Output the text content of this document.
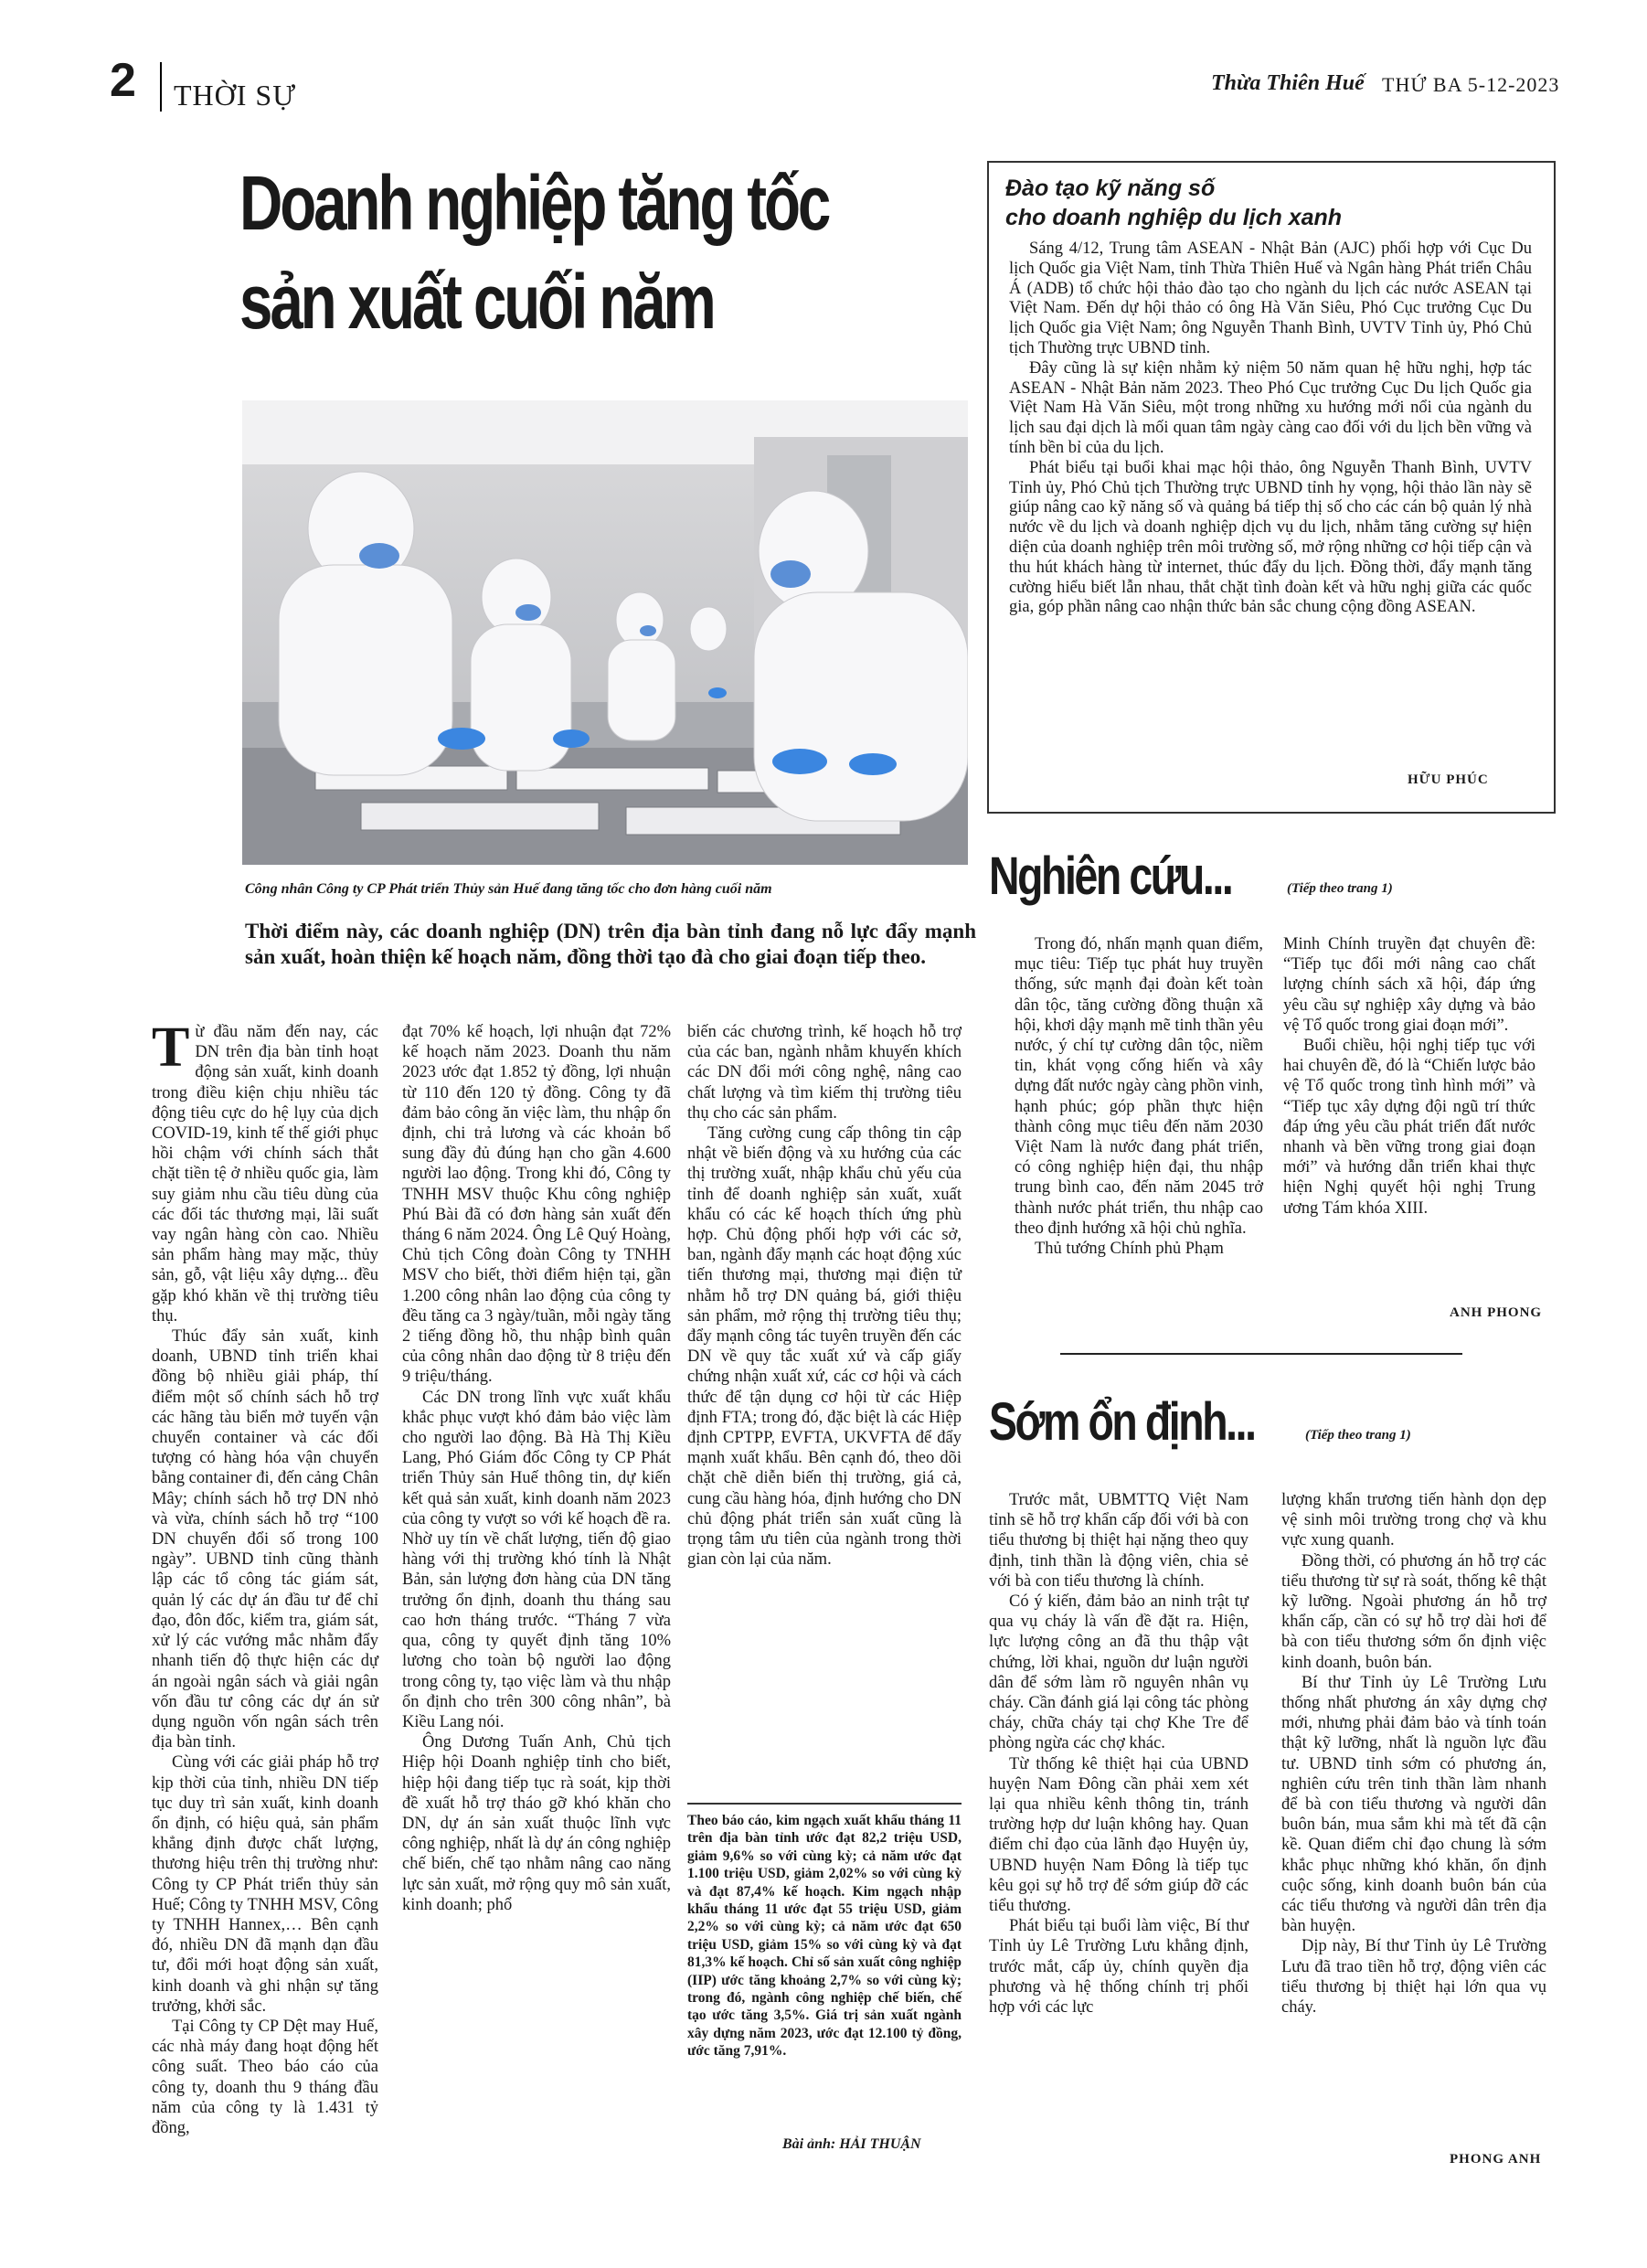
2 THỜI SỰ	Thừa Thiên Huế THỨ BA 5-12-2023
Doanh nghiệp tăng tốc
sản xuất cuối năm
Công nhân Công ty CP Phát triển Thủy sản Huế đang tăng tốc cho đơn hàng cuối năm
Thời điểm này, các doanh nghiệp (DN) trên địa bàn tỉnh đang nỗ lực đẩy mạnh sản xuất, hoàn thiện kế hoạch năm, đồng thời tạo đà cho giai đoạn tiếp theo.

Từ đầu năm đến nay, các DN trên địa bàn tỉnh hoạt động sản xuất, kinh doanh trong điều kiện chịu nhiều tác động tiêu cực do hệ lụy của dịch COVID-19, kinh tế thế giới phục hồi chậm với chính sách thắt chặt tiền tệ ở nhiều quốc gia, làm suy giảm nhu cầu tiêu dùng của các đối tác thương mại, lãi suất vay ngân hàng còn cao. Nhiều sản phẩm hàng may mặc, thủy sản, gỗ, vật liệu xây dựng... đều gặp khó khăn về thị trường tiêu thụ.

Thúc đẩy sản xuất, kinh doanh, UBND tỉnh triển khai đồng bộ nhiều giải pháp, thí điểm một số chính sách hỗ trợ các hãng tàu biển mở tuyến vận chuyển container và các đối tượng có hàng hóa vận chuyển bằng container đi, đến cảng Chân Mây; chính sách hỗ trợ DN nhỏ và vừa, chính sách hỗ trợ “100 DN chuyển đổi số trong 100 ngày”. UBND tỉnh cũng thành lập các tổ công tác giám sát, quản lý các dự án đầu tư để chỉ đạo, đôn đốc, kiểm tra, giám sát, xử lý các vướng mắc nhằm đẩy nhanh tiến độ thực hiện các dự án ngoài ngân sách và giải ngân vốn đầu tư công các dự án sử dụng nguồn vốn ngân sách trên địa bàn tỉnh.

Cùng với các giải pháp hỗ trợ kịp thời của tỉnh, nhiều DN tiếp tục duy trì sản xuất, kinh doanh ổn định, có hiệu quả, sản phẩm khẳng định được chất lượng, thương hiệu trên thị trường như: Công ty CP Phát triển thủy sản Huế; Công ty TNHH MSV, Công ty TNHH Hannex,… Bên cạnh đó, nhiều DN đã mạnh dạn đầu tư, đổi mới hoạt động sản xuất, kinh doanh và ghi nhận sự tăng trưởng, khởi sắc.

Tại Công ty CP Dệt may Huế, các nhà máy đang hoạt động hết công suất. Theo báo cáo của công ty, doanh thu 9 tháng đầu năm của công ty là 1.431 tỷ đồng,

đạt 70% kế hoạch, lợi nhuận đạt 72% kế hoạch năm 2023. Doanh thu năm 2023 ước đạt 1.852 tỷ đồng, lợi nhuận từ 110 đến 120 tỷ đồng. Công ty đã đảm bảo công ăn việc làm, thu nhập ổn định, chi trả lương và các khoản bổ sung đầy đủ đúng hạn cho gần 4.600 người lao động. Trong khi đó, Công ty TNHH MSV thuộc Khu công nghiệp Phú Bài đã có đơn hàng sản xuất đến tháng 6 năm 2024. Ông Lê Quý Hoàng, Chủ tịch Công đoàn Công ty TNHH MSV cho biết, thời điểm hiện tại, gần 1.200 công nhân lao động của công ty đều tăng ca 3 ngày/tuần, mỗi ngày tăng 2 tiếng đồng hồ, thu nhập bình quân của công nhân dao động từ 8 triệu đến 9 triệu/tháng.

Các DN trong lĩnh vực xuất khẩu khắc phục vượt khó đảm bảo việc làm cho người lao động. Bà Hà Thị Kiều Lang, Phó Giám đốc Công ty CP Phát triển Thủy sản Huế thông tin, dự kiến kết quả sản xuất, kinh doanh năm 2023 của công ty vượt so với kế hoạch đề ra. Nhờ uy tín về chất lượng, tiến độ giao hàng với thị trường khó tính là Nhật Bản, sản lượng đơn hàng của DN tăng trưởng ổn định, doanh thu tháng sau cao hơn tháng trước. “Tháng 7 vừa qua, công ty quyết định tăng 10% lương cho toàn bộ người lao động trong công ty, tạo việc làm và thu nhập ổn định cho trên 300 công nhân”, bà Kiều Lang nói.

Ông Dương Tuấn Anh, Chủ tịch Hiệp hội Doanh nghiệp tỉnh cho biết, hiệp hội đang tiếp tục rà soát, kịp thời đề xuất hỗ trợ tháo gỡ khó khăn cho DN, dự án sản xuất thuộc lĩnh vực công nghiệp, nhất là dự án công nghiệp chế biến, chế tạo nhằm nâng cao năng lực sản xuất, mở rộng quy mô sản xuất, kinh doanh; phổ

biến các chương trình, kế hoạch hỗ trợ của các ban, ngành nhằm khuyến khích các DN đổi mới công nghệ, nâng cao chất lượng và tìm kiếm thị trường tiêu thụ cho các sản phẩm.

Tăng cường cung cấp thông tin cập nhật về biến động và xu hướng của các thị trường xuất, nhập khẩu chủ yếu của tỉnh để doanh nghiệp sản xuất, xuất khẩu có các kế hoạch thích ứng phù hợp. Chủ động phối hợp với các sở, ban, ngành đẩy mạnh các hoạt động xúc tiến thương mại, thương mại điện tử nhằm hỗ trợ DN quảng bá, giới thiệu sản phẩm, mở rộng thị trường tiêu thụ; đẩy mạnh công tác tuyên truyền đến các DN về quy tắc xuất xứ và cấp giấy chứng nhận xuất xứ, các cơ hội và cách thức để tận dụng cơ hội từ các Hiệp định FTA; trong đó, đặc biệt là các Hiệp định CPTPP, EVFTA, UKVFTA để đẩy mạnh xuất khẩu. Bên cạnh đó, theo dõi chặt chẽ diễn biến thị trường, giá cả, cung cầu hàng hóa, định hướng cho DN chủ động phát triển sản xuất cũng là trọng tâm ưu tiên của ngành trong thời gian còn lại của năm.

Theo báo cáo, kim ngạch xuất khẩu tháng 11 trên địa bàn tỉnh ước đạt 82,2 triệu USD, giảm 9,6% so với cùng kỳ; cả năm ước đạt 1.100 triệu USD, giảm 2,02% so với cùng kỳ và đạt 87,4% kế hoạch. Kim ngạch nhập khẩu tháng 11 ước đạt 55 triệu USD, giảm 2,2% so với cùng kỳ; cả năm ước đạt 650 triệu USD, giảm 15% so với cùng kỳ và đạt 81,3% kế hoạch. Chỉ số sản xuất công nghiệp (IIP) ước tăng khoảng 2,7% so với cùng kỳ; trong đó, ngành công nghiệp chế biến, chế tạo ước tăng 3,5%. Giá trị sản xuất ngành xây dựng năm 2023, ước đạt 12.100 tỷ đồng, ước tăng 7,91%.
Bài ảnh: HẢI THUẬN
Đào tạo kỹ năng số
cho doanh nghiệp du lịch xanh

Sáng 4/12, Trung tâm ASEAN - Nhật Bản (AJC) phối hợp với Cục Du lịch Quốc gia Việt Nam, tỉnh Thừa Thiên Huế và Ngân hàng Phát triển Châu Á (ADB) tổ chức hội thảo đào tạo cho ngành du lịch các nước ASEAN tại Việt Nam. Đến dự hội thảo có ông Hà Văn Siêu, Phó Cục trưởng Cục Du lịch Quốc gia Việt Nam; ông Nguyễn Thanh Bình, UVTV Tỉnh ủy, Phó Chủ tịch Thường trực UBND tỉnh.

Đây cũng là sự kiện nhằm kỷ niệm 50 năm quan hệ hữu nghị, hợp tác ASEAN - Nhật Bản năm 2023. Theo Phó Cục trưởng Cục Du lịch Quốc gia Việt Nam Hà Văn Siêu, một trong những xu hướng mới nổi của ngành du lịch sau đại dịch là mối quan tâm ngày càng cao đối với du lịch bền vững và tính bền bỉ của du lịch.

Phát biểu tại buổi khai mạc hội thảo, ông Nguyễn Thanh Bình, UVTV Tỉnh ủy, Phó Chủ tịch Thường trực UBND tỉnh hy vọng, hội thảo lần này sẽ giúp nâng cao kỹ năng số và quảng bá tiếp thị số cho các cán bộ quản lý nhà nước về du lịch và doanh nghiệp dịch vụ du lịch, nhằm tăng cường sự hiện diện của doanh nghiệp trên môi trường số, mở rộng những cơ hội tiếp cận và thu hút khách hàng từ internet, thúc đẩy du lịch. Đồng thời, đẩy mạnh tăng cường hiểu biết lẫn nhau, thắt chặt tình đoàn kết và hữu nghị giữa các quốc gia, góp phần nâng cao nhận thức bản sắc chung cộng đồng ASEAN.

HỮU PHÚC
Nghiên cứu...	(Tiếp theo trang 1)

Trong đó, nhấn mạnh quan điểm, mục tiêu: Tiếp tục phát huy truyền thống, sức mạnh đại đoàn kết toàn dân tộc, tăng cường đồng thuận xã hội, khơi dậy mạnh mẽ tinh thần yêu nước, ý chí tự cường dân tộc, niềm tin, khát vọng cống hiến và xây dựng đất nước ngày càng phồn vinh, hạnh phúc; góp phần thực hiện thành công mục tiêu đến năm 2030 Việt Nam là nước đang phát triển, có công nghiệp hiện đại, thu nhập trung bình cao, đến năm 2045 trở thành nước phát triển, thu nhập cao theo định hướng xã hội chủ nghĩa.

Thủ tướng Chính phủ Phạm

Minh Chính truyền đạt chuyên đề: “Tiếp tục đổi mới nâng cao chất lượng chính sách xã hội, đáp ứng yêu cầu sự nghiệp xây dựng và bảo vệ Tổ quốc trong giai đoạn mới”.

Buổi chiều, hội nghị tiếp tục với hai chuyên đề, đó là “Chiến lược bảo vệ Tổ quốc trong tình hình mới” và “Tiếp tục xây dựng đội ngũ trí thức đáp ứng yêu cầu phát triển đất nước nhanh và bền vững trong giai đoạn mới” và hướng dẫn triển khai thực hiện Nghị quyết hội nghị Trung ương Tám khóa XIII.

ANH PHONG
Sớm ổn định...	(Tiếp theo trang 1)

Trước mắt, UBMTTQ Việt Nam tỉnh sẽ hỗ trợ khẩn cấp đối với bà con tiểu thương bị thiệt hại nặng theo quy định, tinh thần là động viên, chia sẻ với bà con tiểu thương là chính.

Có ý kiến, đảm bảo an ninh trật tự qua vụ cháy là vấn đề đặt ra. Hiện, lực lượng công an đã thu thập vật chứng, lời khai, nguồn dư luận người dân để sớm làm rõ nguyên nhân vụ cháy. Cần đánh giá lại công tác phòng cháy, chữa cháy tại chợ Khe Tre để phòng ngừa các chợ khác.

Từ thống kê thiệt hại của UBND huyện Nam Đông cần phải xem xét lại qua nhiều kênh thông tin, tránh trường hợp dư luận không hay. Quan điểm chỉ đạo của lãnh đạo Huyện ủy, UBND huyện Nam Đông là tiếp tục kêu gọi sự hỗ trợ để sớm giúp đỡ các tiểu thương.

Phát biểu tại buổi làm việc, Bí thư Tỉnh ủy Lê Trường Lưu khẳng định, trước mắt, cấp ủy, chính quyền địa phương và hệ thống chính trị phối hợp với các lực

lượng khẩn trương tiến hành dọn dẹp vệ sinh môi trường trong chợ và khu vực xung quanh.

Đồng thời, có phương án hỗ trợ các tiểu thương từ sự rà soát, thống kê thật kỹ lưỡng. Ngoài phương án hỗ trợ khẩn cấp, cần có sự hỗ trợ dài hơi để bà con tiểu thương sớm ổn định việc kinh doanh, buôn bán.

Bí thư Tỉnh ủy Lê Trường Lưu thống nhất phương án xây dựng chợ mới, nhưng phải đảm bảo và tính toán thật kỹ lưỡng, nhất là nguồn lực đầu tư. UBND tỉnh sớm có phương án, nghiên cứu trên tinh thần làm nhanh để bà con tiểu thương và người dân buôn bán, mua sắm khi mà tết đã cận kề. Quan điểm chỉ đạo chung là sớm khắc phục những khó khăn, ổn định cuộc sống, kinh doanh buôn bán của các tiểu thương và người dân trên địa bàn huyện.

Dịp này, Bí thư Tỉnh ủy Lê Trường Lưu đã trao tiền hỗ trợ, động viên các tiểu thương bị thiệt hại lớn qua vụ cháy.

PHONG ANH
